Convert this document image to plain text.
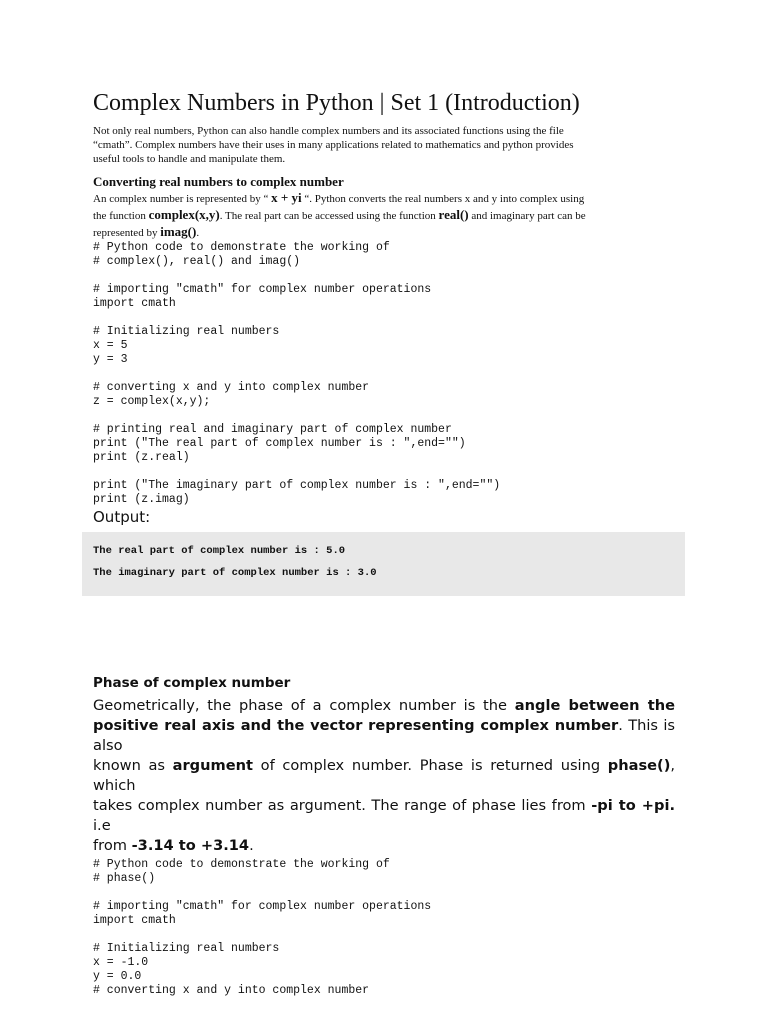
Complex Numbers in Python | Set 1 (Introduction)
Not only real numbers, Python can also handle complex numbers and its associated functions using the file
“cmath”. Complex numbers have their uses in many applications related to mathematics and python provides
useful tools to handle and manipulate them.
Converting real numbers to complex number
An complex number is represented by “ x + yi “. Python converts the real numbers x and y into complex using
the function complex(x,y). The real part can be accessed using the function real() and imaginary part can be
represented by imag().
# Python code to demonstrate the working of
# complex(), real() and imag()
# importing "cmath" for complex number operations
import cmath
# Initializing real numbers
x = 5
y = 3
# converting x and y into complex number
z = complex(x,y);
# printing real and imaginary part of complex number
print ("The real part of complex number is : ",end="")
print (z.real)
print ("The imaginary part of complex number is : ",end="")
print (z.imag)
Output:
The real part of complex number is : 5.0
The imaginary part of complex number is : 3.0
Phase of complex number
Geometrically, the phase of a complex number is the angle between the
positive real axis and the vector representing complex number. This is also
known as argument of complex number. Phase is returned using phase(), which
takes complex number as argument. The range of phase lies from -pi to +pi. i.e
from -3.14 to +3.14.
# Python code to demonstrate the working of
# phase()
# importing "cmath" for complex number operations
import cmath
# Initializing real numbers
x = -1.0
y = 0.0
# converting x and y into complex number
